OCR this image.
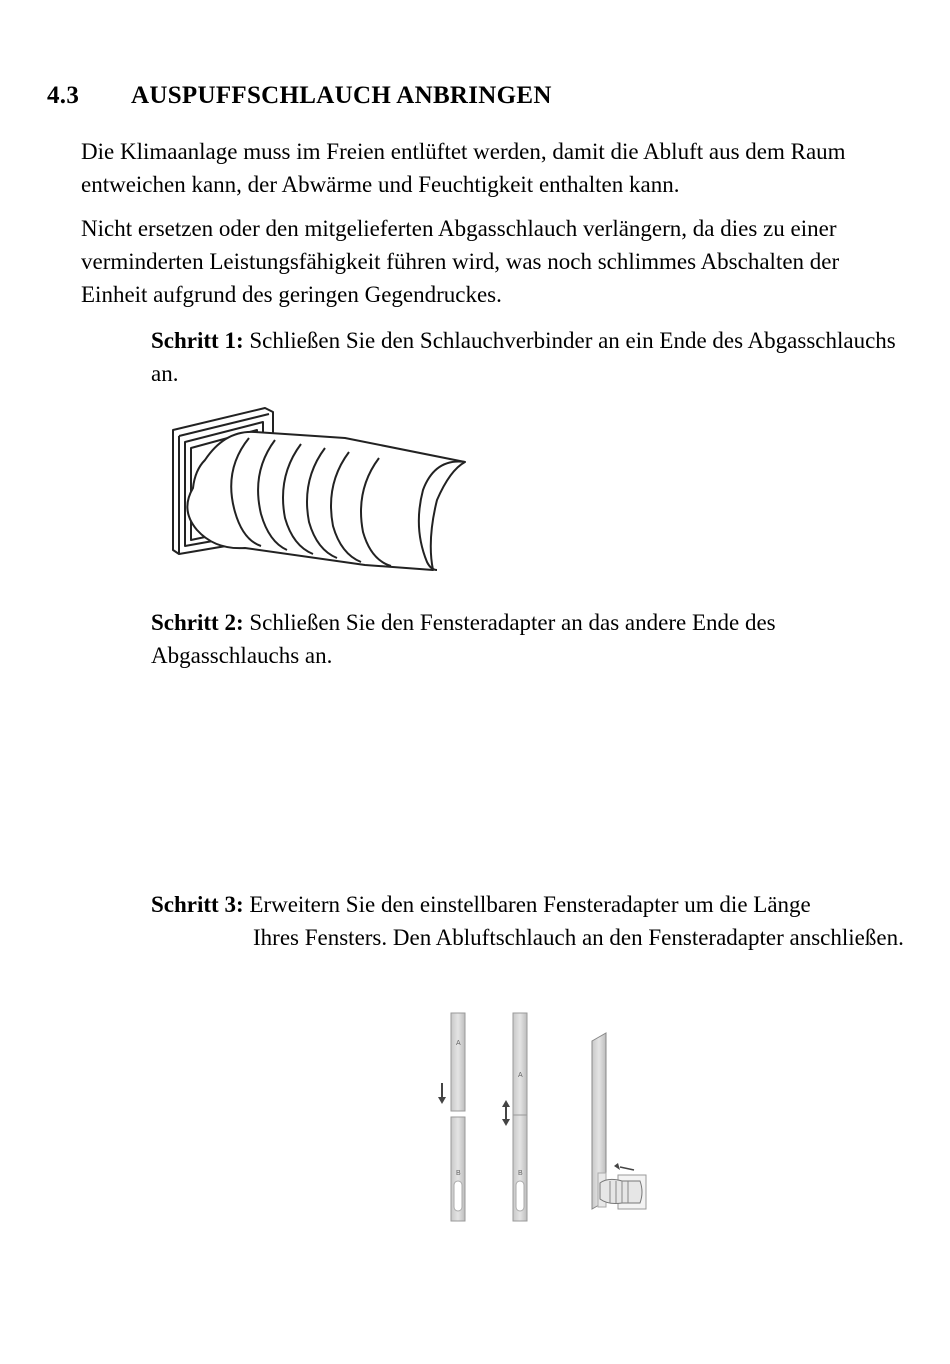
4.3 AUSPUFFSCHLAUCH ANBRINGEN
Die Klimaanlage muss im Freien entlüftet werden, damit die Abluft aus dem Raum entweichen kann, der Abwärme und Feuchtigkeit enthalten kann.
Nicht ersetzen oder den mitgelieferten Abgasschlauch verlängern, da dies zu einer verminderten Leistungsfähigkeit führen wird, was noch schlimmes Abschalten der Einheit aufgrund des geringen Gegendruckes.
Schritt 1: Schließen Sie den Schlauchverbinder an ein Ende des Abgasschlauchs an.
Schritt 2: Schließen Sie den Fensteradapter an das andere Ende des Abgasschlauchs an.
Schritt 3: Erweitern Sie den einstellbaren Fensteradapter um die Länge
Ihres Fensters. Den Abluftschlauch an den Fensteradapter anschließen.
A
B
A
B
